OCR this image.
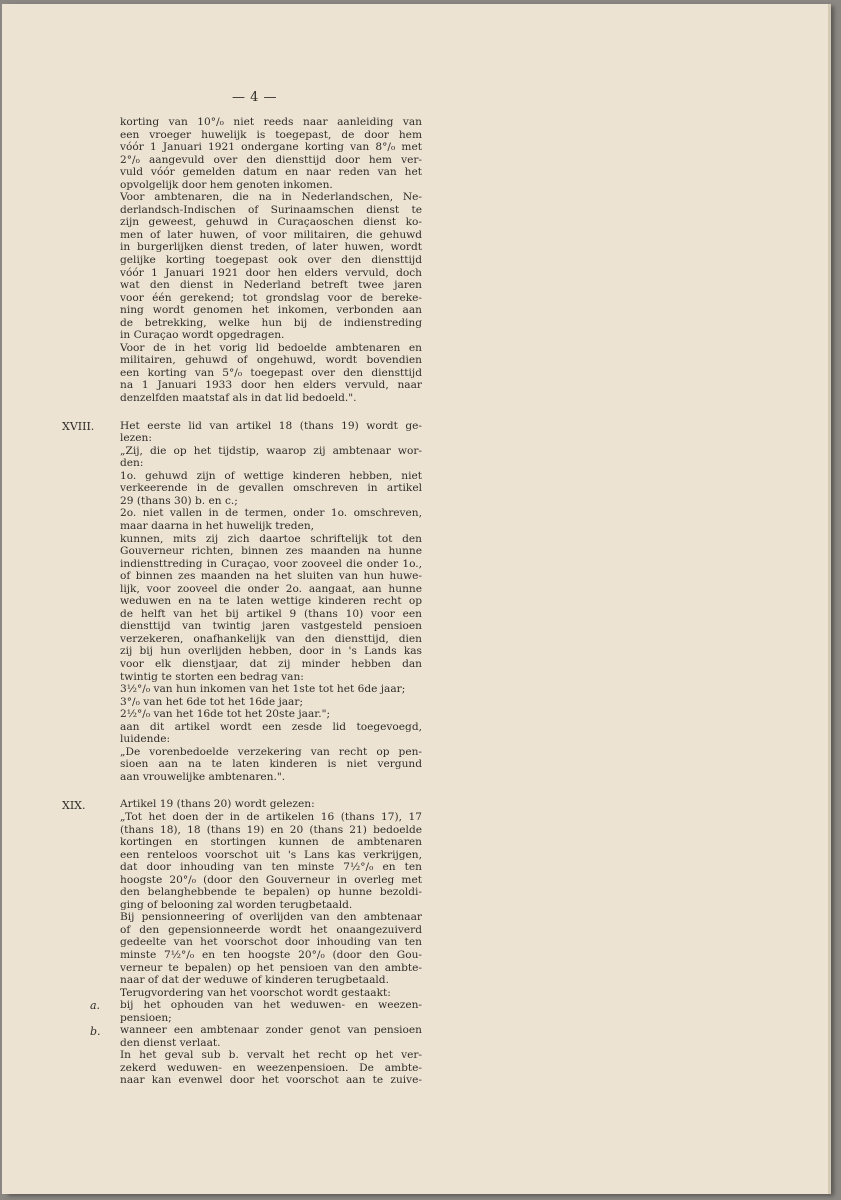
— 4 —
XVIII.
XIX.
a.
b.
korting van 10°/₀ niet reeds naar aanleiding van
een vroeger huwelijk is toegepast, de door hem
vóór 1 Januari 1921 ondergane korting van 8°/₀ met
2°/₀ aangevuld over den diensttijd door hem ver-
vuld vóór gemelden datum en naar reden van het
opvolgelijk door hem genoten inkomen.
Voor ambtenaren, die na in Nederlandschen, Ne-
derlandsch-Indischen of Surinaamschen dienst te
zijn geweest, gehuwd in Curaçaoschen dienst ko-
men of later huwen, of voor militairen, die gehuwd
in burgerlijken dienst treden, of later huwen, wordt
gelijke korting toegepast ook over den diensttijd
vóór 1 Januari 1921 door hen elders vervuld, doch
wat den dienst in Nederland betreft twee jaren
voor één gerekend; tot grondslag voor de bereke-
ning wordt genomen het inkomen, verbonden aan
de betrekking, welke hun bij de indienstreding
in Curaçao wordt opgedragen.
Voor de in het vorig lid bedoelde ambtenaren en
militairen, gehuwd of ongehuwd, wordt bovendien
een korting van 5°/₀ toegepast over den diensttijd
na 1 Januari 1933 door hen elders vervuld, naar
denzelfden maatstaf als in dat lid bedoeld.".
Het eerste lid van artikel 18 (thans 19) wordt ge-
lezen:
„Zij, die op het tijdstip, waarop zij ambtenaar wor-
den:
1o. gehuwd zijn of wettige kinderen hebben, niet
verkeerende in de gevallen omschreven in artikel
29 (thans 30) b. en c.;
2o. niet vallen in de termen, onder 1o. omschreven,
maar daarna in het huwelijk treden,
kunnen, mits zij zich daartoe schriftelijk tot den
Gouverneur richten, binnen zes maanden na hunne
indiensttreding in Curaçao, voor zooveel die onder 1o.,
of binnen zes maanden na het sluiten van hun huwe-
lijk, voor zooveel die onder 2o. aangaat, aan hunne
weduwen en na te laten wettige kinderen recht op
de helft van het bij artikel 9 (thans 10) voor een
diensttijd van twintig jaren vastgesteld pensioen
verzekeren, onafhankelijk van den diensttijd, dien
zij bij hun overlijden hebben, door in 's Lands kas
voor elk dienstjaar, dat zij minder hebben dan
twintig te storten een bedrag van:
3½°/₀ van hun inkomen van het 1ste tot het 6de jaar;
3°/₀ van het 6de tot het 16de jaar;
2½°/₀ van het 16de tot het 20ste jaar.";
aan dit artikel wordt een zesde lid toegevoegd,
luidende:
„De vorenbedoelde verzekering van recht op pen-
sioen aan na te laten kinderen is niet vergund
aan vrouwelijke ambtenaren.".
Artikel 19 (thans 20) wordt gelezen:
„Tot het doen der in de artikelen 16 (thans 17), 17
(thans 18), 18 (thans 19) en 20 (thans 21) bedoelde
kortingen en stortingen kunnen de ambtenaren
een renteloos voorschot uit 's Lans kas verkrijgen,
dat door inhouding van ten minste 7½°/₀ en ten
hoogste 20°/₀ (door den Gouverneur in overleg met
den belanghebbende te bepalen) op hunne bezoldi-
ging of belooning zal worden terugbetaald.
Bij pensionneering of overlijden van den ambtenaar
of den gepensionneerde wordt het onaangezuiverd
gedeelte van het voorschot door inhouding van ten
minste 7½°/₀ en ten hoogste 20°/₀ (door den Gou-
verneur te bepalen) op het pensioen van den ambte-
naar of dat der weduwe of kinderen terugbetaald.
Terugvordering van het voorschot wordt gestaakt:
bij het ophouden van het weduwen- en weezen-
pensioen;
wanneer een ambtenaar zonder genot van pensioen
den dienst verlaat.
In het geval sub b. vervalt het recht op het ver-
zekerd weduwen- en weezenpensioen. De ambte-
naar kan evenwel door het voorschot aan te zuive-
